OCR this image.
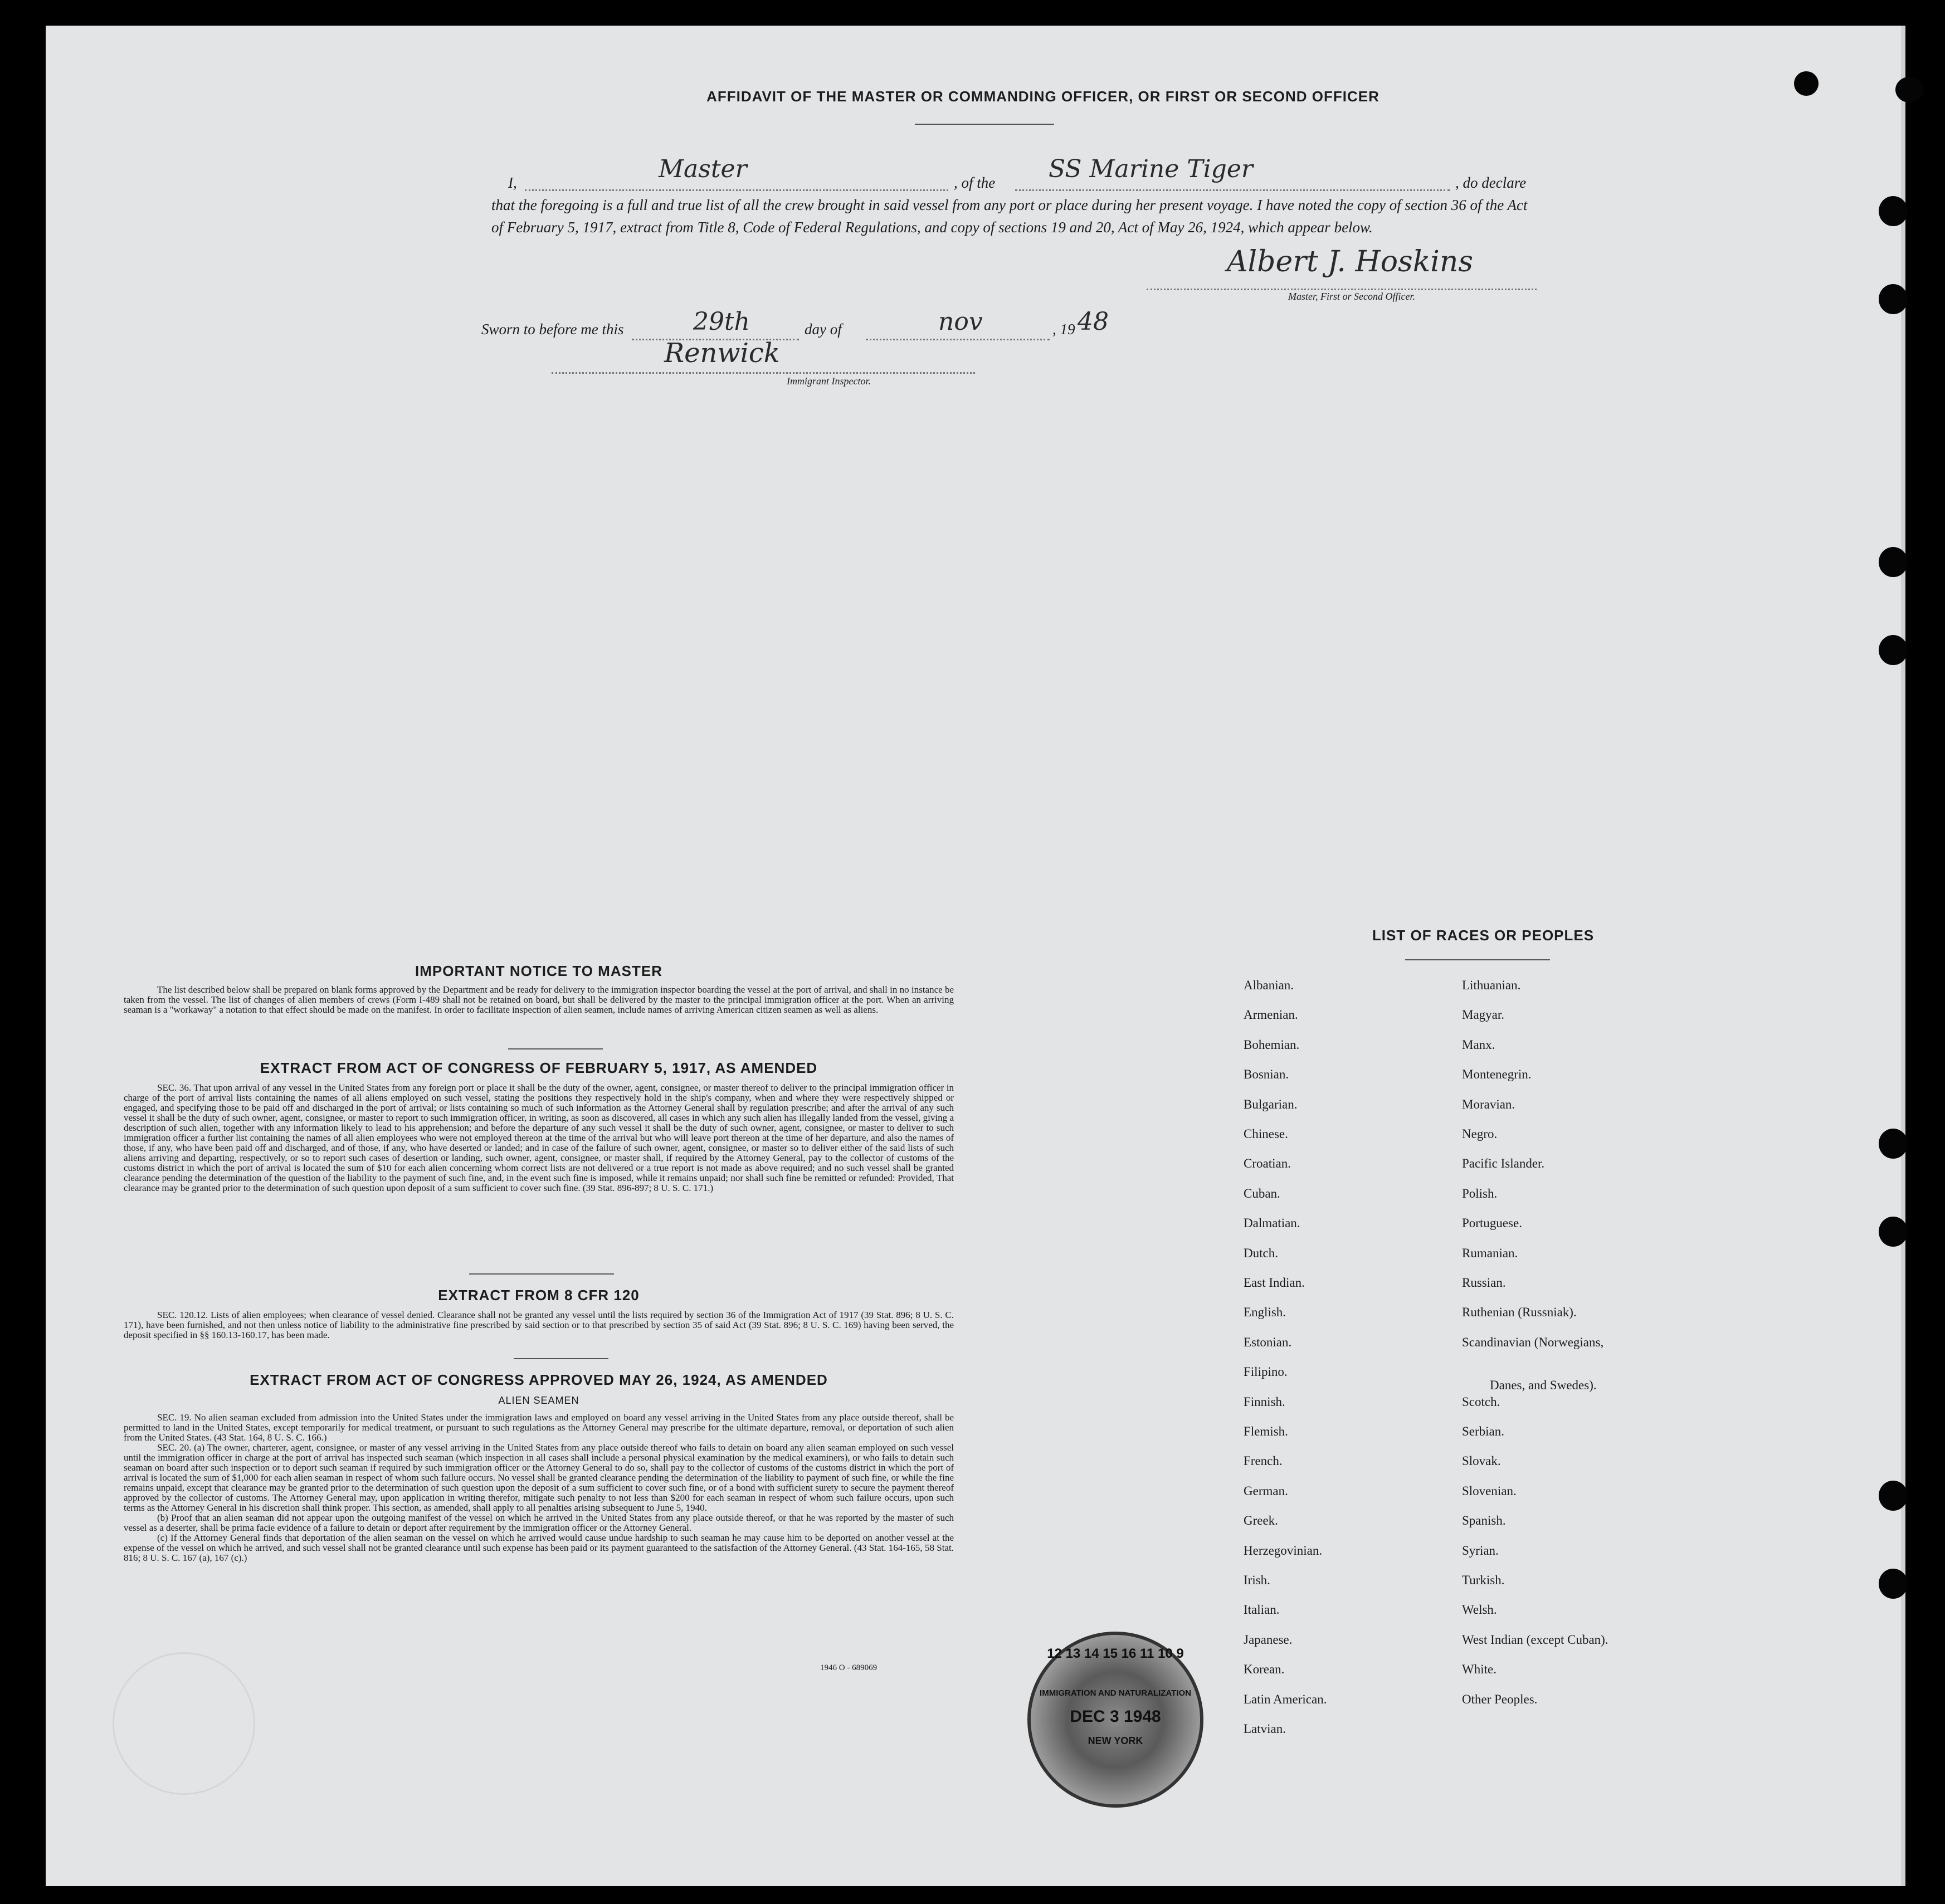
AFFIDAVIT OF THE MASTER OR COMMANDING OFFICER, OR FIRST OR SECOND OFFICER
I,	Master	, of the SS Marine Tiger	, do declare
that the foregoing is a full and true list of all the crew brought in said vessel from any port or place during her present voyage. I have noted the copy of section 36 of the Act of February 5, 1917, extract from Title 8, Code of Federal Regulations, and copy of sections 19 and 20, Act of May 26, 1924, which appear below.
Albert J. Hoskins
Master, First or Second Officer.
Sworn to before me this	29th	day of	nov	, 19 48
Renwick
Immigrant Inspector.
IMPORTANT NOTICE TO MASTER

The list described below shall be prepared on blank forms approved by the Department and be ready for delivery to the immigration inspector boarding the vessel at the port of arrival, and shall in no instance be taken from the vessel. The list of changes of alien members of crews (Form I-489 shall not be retained on board, but shall be delivered by the master to the principal immigration officer at the port. When an arriving seaman is a "workaway" a notation to that effect should be made on the manifest. In order to facilitate inspection of alien seamen, include names of arriving American citizen seamen as well as aliens.

EXTRACT FROM ACT OF CONGRESS OF FEBRUARY 5, 1917, AS AMENDED

SEC. 36. That upon arrival of any vessel in the United States from any foreign port or place it shall be the duty of the owner, agent, consignee, or master thereof to deliver to the principal immigration officer in charge of the port of arrival lists containing the names of all aliens employed on such vessel, stating the positions they respectively hold in the ship's company, when and where they were respectively shipped or engaged, and specifying those to be paid off and discharged in the port of arrival; or lists containing so much of such information as the Attorney General shall by regulation prescribe; and after the arrival of any such vessel it shall be the duty of such owner, agent, consignee, or master to report to such immigration officer, in writing, as soon as discovered, all cases in which any such alien has illegally landed from the vessel, giving a description of such alien, together with any information likely to lead to his apprehension; and before the departure of any such vessel it shall be the duty of such owner, agent, consignee, or master to deliver to such immigration officer a further list containing the names of all alien employees who were not employed thereon at the time of the arrival but who will leave port thereon at the time of her departure, and also the names of those, if any, who have been paid off and discharged, and of those, if any, who have deserted or landed; and in case of the failure of such owner, agent, consignee, or master so to deliver either of the said lists of such aliens arriving and departing, respectively, or so to report such cases of desertion or landing, such owner, agent, consignee, or master shall, if required by the Attorney General, pay to the collector of customs of the customs district in which the port of arrival is located the sum of $10 for each alien concerning whom correct lists are not delivered or a true report is not made as above required; and no such vessel shall be granted clearance pending the determination of the question of the liability to the payment of such fine, and, in the event such fine is imposed, while it remains unpaid; nor shall such fine be remitted or refunded: Provided, That clearance may be granted prior to the determination of such question upon deposit of a sum sufficient to cover such fine. (39 Stat. 896-897; 8 U. S. C. 171.)

EXTRACT FROM 8 CFR 120

SEC. 120.12. Lists of alien employees; when clearance of vessel denied. Clearance shall not be granted any vessel until the lists required by section 36 of the Immigration Act of 1917 (39 Stat. 896; 8 U. S. C. 171), have been furnished, and not then unless notice of liability to the administrative fine prescribed by said section or to that prescribed by section 35 of said Act (39 Stat. 896; 8 U. S. C. 169) having been served, the deposit specified in §§ 160.13-160.17, has been made.

EXTRACT FROM ACT OF CONGRESS APPROVED MAY 26, 1924, AS AMENDED
ALIEN SEAMEN

SEC. 19. No alien seaman excluded from admission into the United States under the immigration laws and employed on board any vessel arriving in the United States from any place outside thereof, shall be permitted to land in the United States, except temporarily for medical treatment, or pursuant to such regulations as the Attorney General may prescribe for the ultimate departure, removal, or deportation of such alien from the United States. (43 Stat. 164, 8 U. S. C. 166.)

SEC. 20. (a) The owner, charterer, agent, consignee, or master of any vessel arriving in the United States from any place outside thereof who fails to detain on board any alien seaman employed on such vessel until the immigration officer in charge at the port of arrival has inspected such seaman (which inspection in all cases shall include a personal physical examination by the medical examiners), or who fails to detain such seaman on board after such inspection or to deport such seaman if required by such immigration officer or the Attorney General to do so, shall pay to the collector of customs of the customs district in which the port of arrival is located the sum of $1,000 for each alien seaman in respect of whom such failure occurs. No vessel shall be granted clearance pending the determination of the liability to payment of such fine, or while the fine remains unpaid, except that clearance may be granted prior to the determination of such question upon the deposit of a sum sufficient to cover such fine, or of a bond with sufficient surety to secure the payment thereof approved by the collector of customs. The Attorney General may, upon application in writing therefor, mitigate such penalty to not less than $200 for each seaman in respect of whom such failure occurs, upon such terms as the Attorney General in his discretion shall think proper. This section, as amended, shall apply to all penalties arising subsequent to June 5, 1940.

(b) Proof that an alien seaman did not appear upon the outgoing manifest of the vessel on which he arrived in the United States from any place outside thereof, or that he was reported by the master of such vessel as a deserter, shall be prima facie evidence of a failure to detain or deport after requirement by the immigration officer or the Attorney General.

(c) If the Attorney General finds that deportation of the alien seaman on the vessel on which he arrived would cause undue hardship to such seaman he may cause him to be deported on another vessel at the expense of the vessel on which he arrived, and such vessel shall not be granted clearance until such expense has been paid or its payment guaranteed to the satisfaction of the Attorney General. (43 Stat. 164-165, 58 Stat. 816; 8 U. S. C. 167 (a), 167 (c).)

1946 O - 689069
12 13 14 15 16 11 10 9
IMMIGRATION AND NATURALIZATION
DEC 3 1948
NEW YORK
LIST OF RACES OR PEOPLES
Albanian.
Armenian.
Bohemian.
Bosnian.
Bulgarian.
Chinese.
Croatian.
Cuban.
Dalmatian.
Dutch.
East Indian.
English.
Estonian.
Filipino.
Finnish.
Flemish.
French.
German.
Greek.
Herzegovinian.
Irish.
Italian.
Japanese.
Korean.
Latin American.
Latvian.
Lithuanian.
Magyar.
Manx.
Montenegrin.
Moravian.
Negro.
Pacific Islander.
Polish.
Portuguese.
Rumanian.
Russian.
Ruthenian (Russniak).
Scandinavian (Norwegians,
Danes, and Swedes).
Scotch.
Serbian.
Slovak.
Slovenian.
Spanish.
Syrian.
Turkish.
Welsh.
West Indian (except Cuban).
White.
Other Peoples.
